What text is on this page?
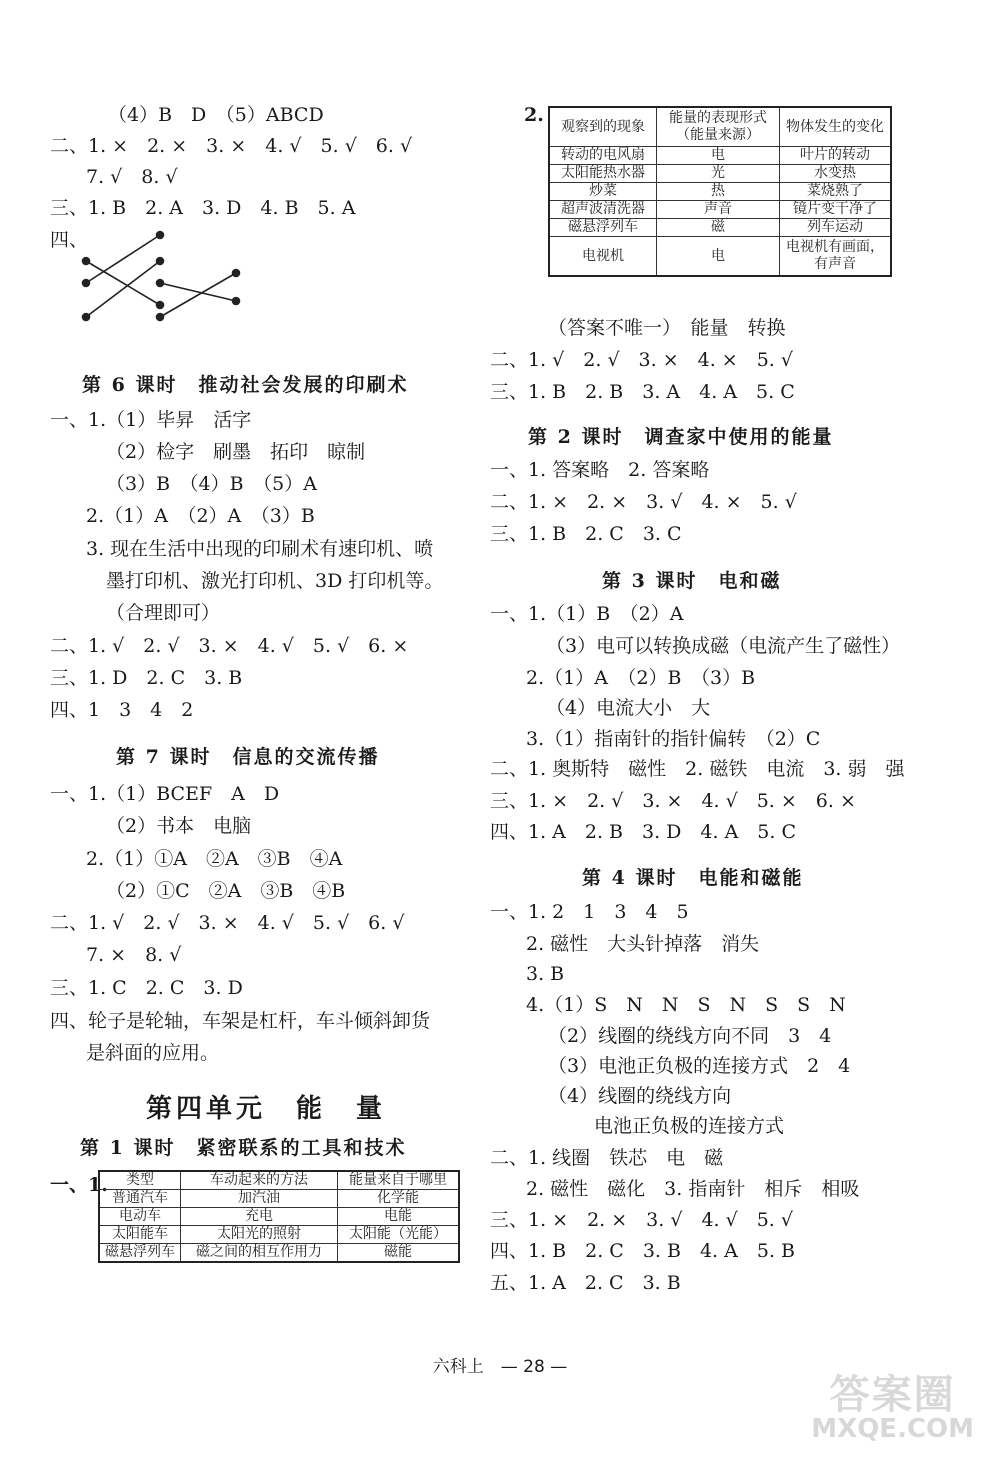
（4）B　D　（5）ABCD
二、1. ×　2. ×　3. ×　4. √　5. √　6. √
7. √　8. √
三、1. B　2. A　3. D　4. B　5. A
四、
第 6 课时　推动社会发展的印刷术
一、1.（1）毕昇　活字
（2）检字　刷墨　拓印　晾制
（3）B　（4）B　（5）A
2.（1）A　（2）A　（3）B
3. 现在生活中出现的印刷术有速印机、喷
墨打印机、激光打印机、3D 打印机等。
（合理即可）
二、1. √　2. √　3. ×　4. √　5. √　6. ×
三、1. D　2. C　3. B
四、1　3　4　2
第 7 课时　信息的交流传播
一、1.（1）BCEF　A　D
（2）书本　电脑
2.（1）①A　②A　③B　④A
（2）①C　②A　③B　④B
二、1. √　2. √　3. ×　4. √　5. √　6. √
7. ×　8. √
三、1. C　2. C　3. D
四、轮子是轮轴，车架是杠杆，车斗倾斜卸货
是斜面的应用。
第四单元　能　量
第 1 课时　紧密联系的工具和技术
一、1. 类型	车动起来的方法	能量来自于哪里
普通汽车	加汽油	化学能
电动车	充电	电能
太阳能车	太阳光的照射	太阳能（光能）
磁悬浮列车	磁之间的相互作用力	磁能
2.
观察到的现象	能量的表现形式（能量来源）	物体发生的变化
转动的电风扇	电	叶片的转动
太阳能热水器	光	水变热
炒菜	热	菜烧熟了
超声波清洗器	声音	镜片变干净了
磁悬浮列车	磁	列车运动
电视机	电	电视机有画面，有声音
（答案不唯一）　能量　转换
二、1. √　2. √　3. ×　4. ×　5. √
三、1. B　2. B　3. A　4. A　5. C
第 2 课时　调查家中使用的能量
一、1. 答案略　2. 答案略
二、1. ×　2. ×　3. √　4. ×　5. √
三、1. B　2. C　3. C
第 3 课时　电和磁
一、1.（1）B　（2）A
（3）电可以转换成磁（电流产生了磁性）
2.（1）A　（2）B　（3）B
（4）电流大小　大
3.（1）指南针的指针偏转　（2）C
二、1. 奥斯特　磁性　2. 磁铁　电流　3. 弱　强
三、1. ×　2. √　3. ×　4. √　5. ×　6. ×
四、1. A　2. B　3. D　4. A　5. C
第 4 课时　电能和磁能
一、1. 2　1　3　4　5
2. 磁性　大头针掉落　消失
3. B
4.（1）S　N　N　S　N　S　S　N
（2）线圈的绕线方向不同　3　4
（3）电池正负极的连接方式　2　4
（4）线圈的绕线方向
电池正负极的连接方式
二、1. 线圈　铁芯　电　磁
2. 磁性　磁化　3. 指南针　相斥　相吸
三、1. ×　2. ×　3. √　4. √　5. √
四、1. B　2. C　3. B　4. A　5. B
五、1. A　2. C　3. B
六科上　— 28 —
答案圈
MXQE.COM
